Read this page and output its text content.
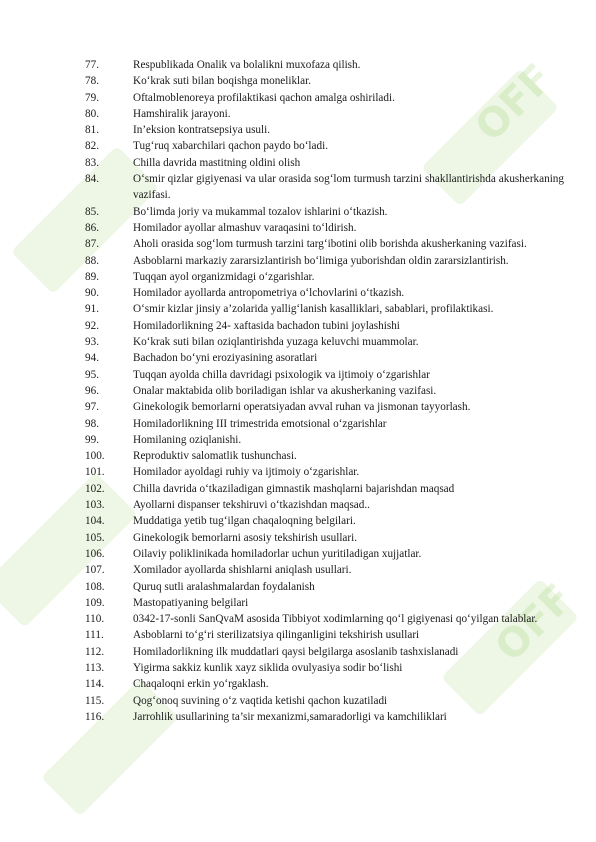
OFF
OFF
77.	Respublikada Onalik va bolalikni muxofaza qilish.
78.	Ko‘krak suti bilan boqishga moneliklar.
79.	Oftalmoblenoreya profilaktikasi qachon amalga oshiriladi.
80.	Hamshiralik jarayoni.
81.	In’eksion kontratsepsiya usuli.
82.	Tug‘ruq xabarchilari qachon paydo bo‘ladi.
83.	Chilla davrida mastitning oldini olish
84.	O‘smir qizlar gigiyenasi va ular orasida sog‘lom turmush tarzini shakllantirishda akusherkaning vazifasi.
85.	Bo‘limda joriy va mukammal tozalov ishlarini o‘tkazish.
86.	Homilador ayollar almashuv varaqasini to‘ldirish.
87.	Aholi orasida sog‘lom turmush tarzini targ‘ibotini olib borishda akusherkaning vazifasi.
88.	Asboblarni markaziy zararsizlantirish bo‘limiga yuborishdan oldin zararsizlantirish.
89.	Tuqqan ayol organizmidagi o‘zgarishlar.
90.	Homilador ayollarda antropometriya o‘lchovlarini o‘tkazish.
91.	O‘smir kizlar jinsiy a’zolarida yallig‘lanish kasalliklari, sabablari, profilaktikasi.
92.	Homiladorlikning 24- xaftasida bachadon tubini joylashishi
93.	Ko‘krak suti bilan oziqlantirishda yuzaga keluvchi muammolar.
94.	Bachadon bo‘yni eroziyasining asoratlari
95.	Tuqqan ayolda chilla davridagi psixologik va ijtimoiy o‘zgarishlar
96.	Onalar maktabida olib boriladigan ishlar va akusherkaning vazifasi.
97.	Ginekologik bemorlarni operatsiyadan avval ruhan va jismonan tayyorlash.
98.	Homiladorlikning III trimestrida emotsional o‘zgarishlar
99.	Homilaning oziqlanishi.
100.	Reproduktiv salomatlik tushunchasi.
101.	Homilador ayoldagi ruhiy va ijtimoiy o‘zgarishlar.
102.	Chilla davrida o‘tkaziladigan gimnastik mashqlarni bajarishdan maqsad
103.	Ayollarni dispanser tekshiruvi o‘tkazishdan maqsad..
104.	Muddatiga yetib tug‘ilgan chaqaloqning belgilari.
105.	Ginekologik bemorlarni asosiy tekshirish usullari.
106.	Oilaviy poliklinikada homiladorlar uchun yuritiladigan xujjatlar.
107.	Xomilador ayollarda shishlarni aniqlash usullari.
108.	Quruq sutli aralashmalardan foydalanish
109.	Mastopatiyaning belgilari
110.	0342-17-sonli SanQvaM asosida Tibbiyot xodimlarning qo‘l gigiyenasi qo‘yilgan talablar.
111.	Asboblarni to‘g‘ri sterilizatsiya qilinganligini tekshirish usullari
112.	Homiladorlikning ilk muddatlari qaysi belgilarga asoslanib tashxislanadi
113.	Yigirma sakkiz kunlik xayz siklida ovulyasiya sodir bo‘lishi
114.	Chaqaloqni erkin yo‘rgaklash.
115.	Qog‘onoq suvining o‘z vaqtida ketishi qachon kuzatiladi
116.	Jarrohlik usullarining ta’sir mexanizmi,samaradorligi va kamchiliklari
